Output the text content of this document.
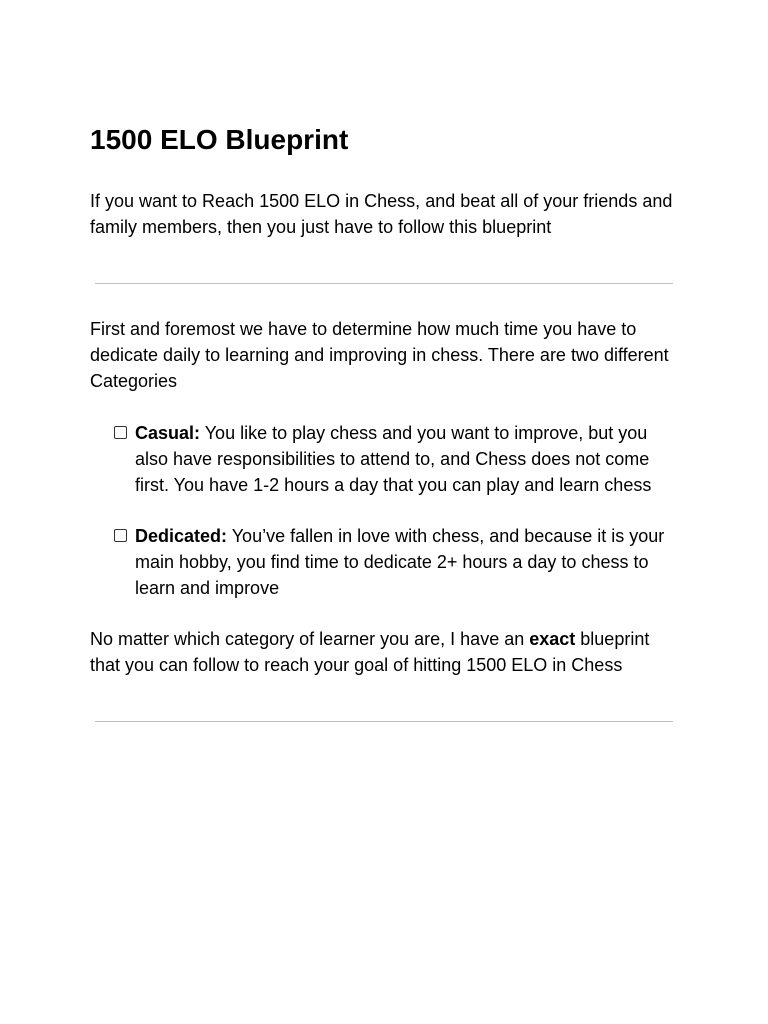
1500 ELO Blueprint

If you want to Reach 1500 ELO in Chess, and beat all of your friends and family members, then you just have to follow this blueprint

First and foremost we have to determine how much time you have to dedicate daily to learning and improving in chess. There are two different Categories

Casual: You like to play chess and you want to improve, but you also have responsibilities to attend to, and Chess does not come first. You have 1-2 hours a day that you can play and learn chess
Dedicated: You’ve fallen in love with chess, and because it is your main hobby, you find time to dedicate 2+ hours a day to chess to learn and improve

No matter which category of learner you are, I have an exact blueprint that you can follow to reach your goal of hitting 1500 ELO in Chess
